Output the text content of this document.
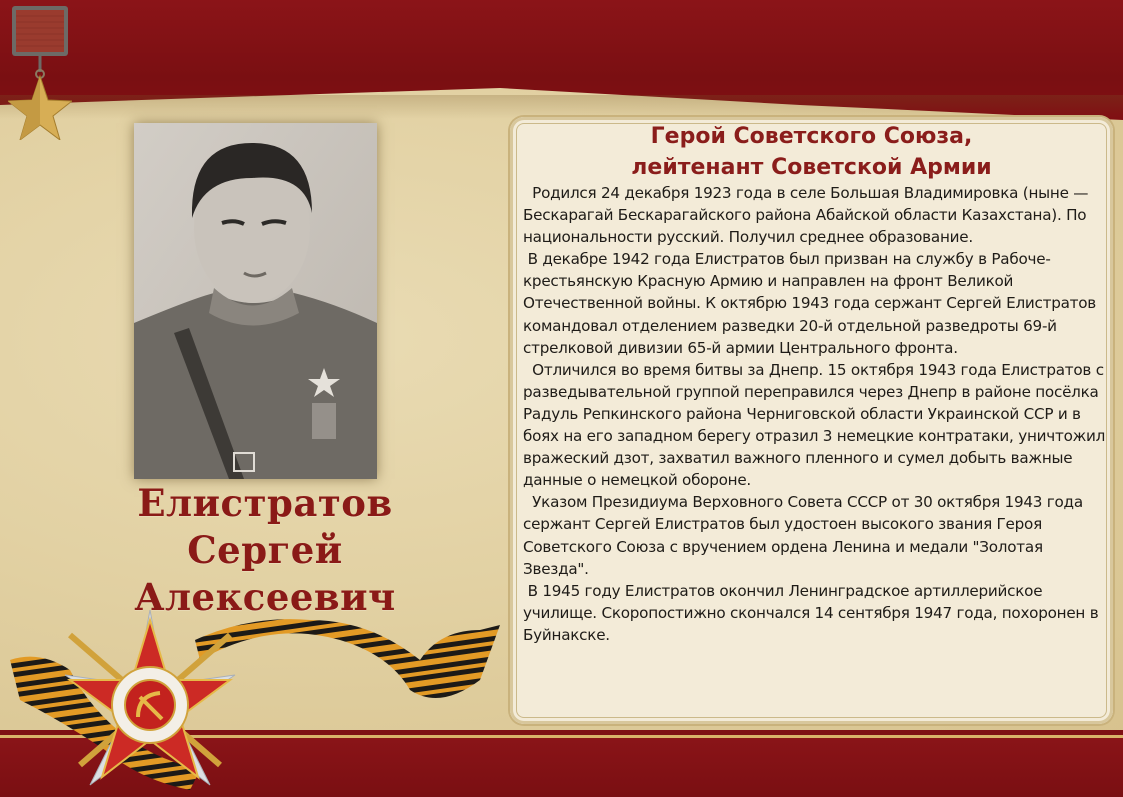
Елистратов
Сергей
Алексеевич
Герой Советского Союза,
лейтенант Советской Армии

Родился 24 декабря 1923 года в селе Большая Владимировка (ныне — Бескарагай Бескарагайского района Абайской области Казахстана). По национальности русский. Получил среднее образование.

В декабре 1942 года Елистратов был призван на службу в Рабоче-крестьянскую Красную Армию и направлен на фронт Великой Отечественной войны. К октябрю 1943 года сержант Сергей Елистратов командовал отделением разведки 20-й отдельной разведроты 69-й стрелковой дивизии 65-й армии Центрального фронта.

Отличился во время битвы за Днепр. 15 октября 1943 года Елистратов с разведывательной группой переправился через Днепр в районе посёлка Радуль Репкинского района Черниговской области Украинской ССР и в боях на его западном берегу отразил 3 немецкие контратаки, уничтожил вражеский дзот, захватил важного пленного и сумел добыть важные данные о немецкой обороне.

Указом Президиума Верховного Совета СССР от 30 октября 1943 года сержант Сергей Елистратов был удостоен высокого звания Героя Советского Союза с вручением ордена Ленина и медали "Золотая Звезда".

В 1945 году Елистратов окончил Ленинградское артиллерийское училище. Скоропостижно скончался 14 сентября 1947 года, похоронен в Буйнакске.
